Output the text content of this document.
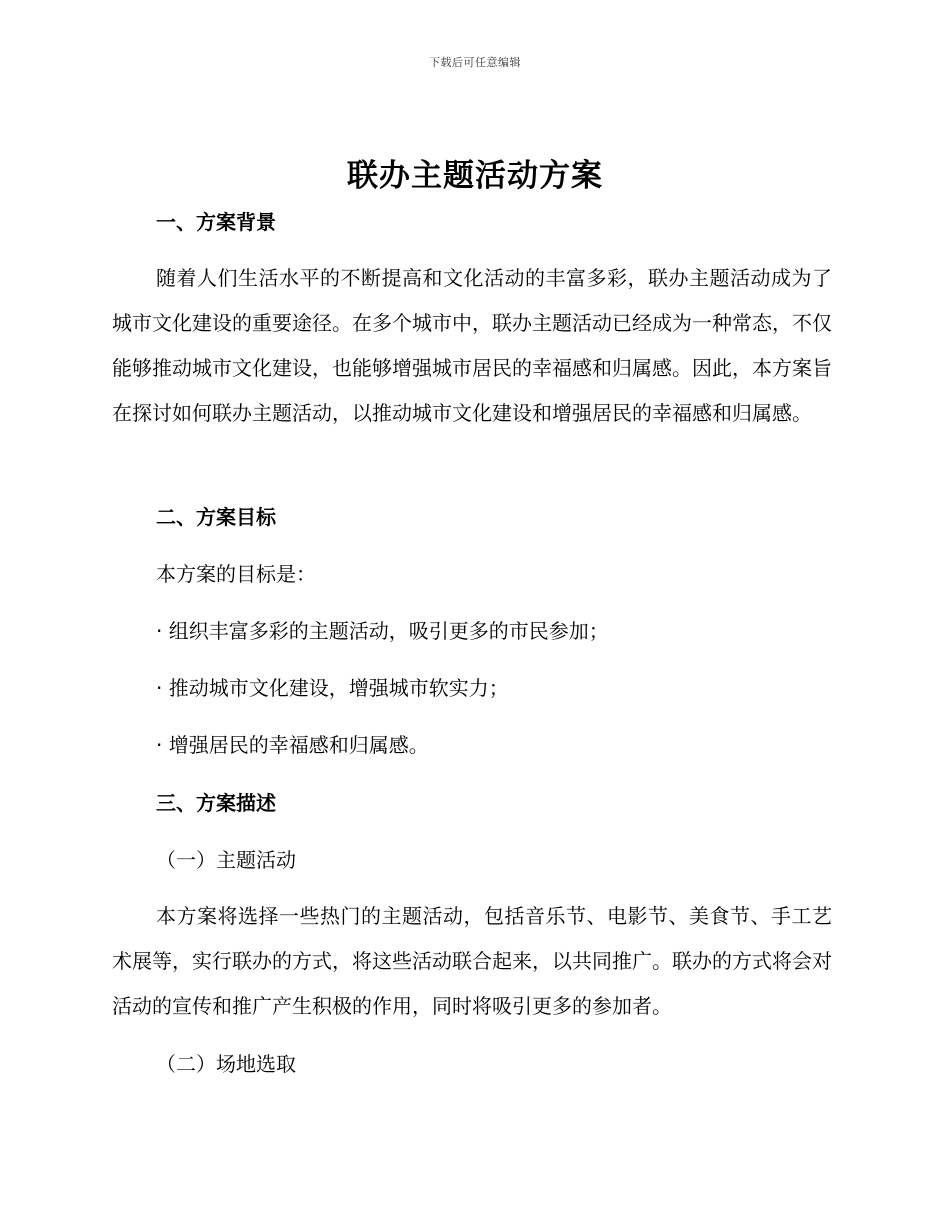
下载后可任意编辑
联办主题活动方案
一、方案背景

随着人们生活水平的不断提高和文化活动的丰富多彩，联办主题活动成为了城市文化建设的重要途径。在多个城市中，联办主题活动已经成为一种常态，不仅能够推动城市文化建设，也能够增强城市居民的幸福感和归属感。因此，本方案旨在探讨如何联办主题活动，以推动城市文化建设和增强居民的幸福感和归属感。

二、方案目标
本方案的目标是：
· 组织丰富多彩的主题活动，吸引更多的市民参加；
· 推动城市文化建设，增强城市软实力；
· 增强居民的幸福感和归属感。
三、方案描述
（一）主题活动

本方案将选择一些热门的主题活动，包括音乐节、电影节、美食节、手工艺术展等，实行联办的方式，将这些活动联合起来，以共同推广。联办的方式将会对活动的宣传和推广产生积极的作用，同时将吸引更多的参加者。

（二）场地选取
